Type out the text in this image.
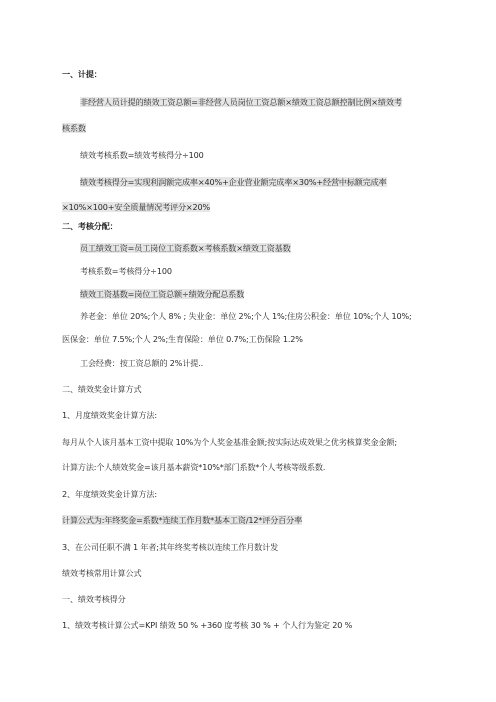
一、计提：
非经营人员计提的绩效工资总额=非经营人员岗位工资总额×绩效工资总额控制比例×绩效考
核系数
绩效考核系数=绩效考核得分÷100
绩效考核得分=实现利润额完成率×40%+企业营业额完成率×30%+经营中标额完成率
×10%×100+安全质量情况考评分×20%
二、考核分配：
员工绩效工资=员工岗位工资系数×考核系数×绩效工资基数
考核系数=考核得分÷100
绩效工资基数=岗位工资总额÷绩效分配总系数
养老金：单位 20%;个人 8% ; 失业金：单位 2%;个人 1%;住房公积金：单位 10%;个人 10%;
医保金：单位 7.5%;个人 2%;生育保险：单位 0.7%;工伤保险 1.2%
工会经费：按工资总额的 2%计提..
二、绩效奖金计算方式
1、月度绩效奖金计算方法:
每月从个人该月基本工资中提取 10%为个人奖金基准金额;按实际达成效果之优劣核算奖金金额;
计算方法:个人绩效奖金=该月基本薪资*10%*部门系数*个人考核等级系数.
2、年度绩效奖金计算方法:
计算公式为:年终奖金=系数*连续工作月数*基本工资/12*评分百分率
3、在公司任职不满 1 年者;其年终奖考核以连续工作月数计发
绩效考核常用计算公式
一、绩效考核得分
1、绩效考核计算公式=KPI 绩效 50 % +360 度考核 30 % + 个人行为鉴定 20 %
